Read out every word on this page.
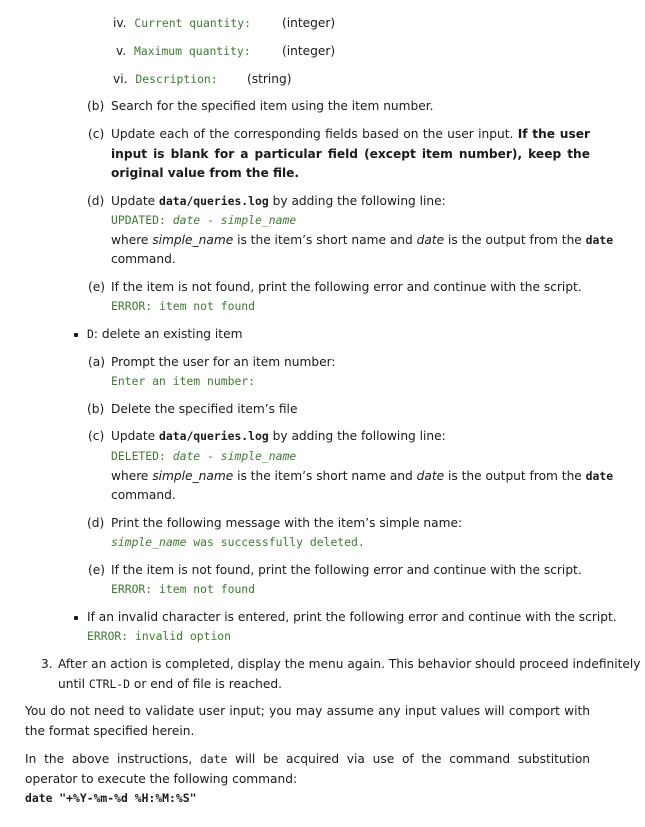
iv. Current quantity:	(integer)
v. Maximum quantity:	(integer)
vi. Description: (string)
(b) Search for the specified item using the item number.
(c) Update each of the corresponding fields based on the user input. If the user input is blank for a particular field (except item number), keep the original value from the file.
(d) Update data/queries.log by adding the following line:
UPDATED: date - simple_name
where simple_name is the item’s short name and date is the output from the date
command.
(e) If the item is not found, print the following error and continue with the script.
ERROR: item not found
D: delete an existing item
(a) Prompt the user for an item number:
Enter an item number:
(b) Delete the specified item’s file
(c) Update data/queries.log by adding the following line:
DELETED: date - simple_name
where simple_name is the item’s short name and date is the output from the date
command.
(d) Print the following message with the item’s simple name:
simple_name was successfully deleted.
(e) If the item is not found, print the following error and continue with the script.
ERROR: item not found
If an invalid character is entered, print the following error and continue with the script.
ERROR: invalid option
3. After an action is completed, display the menu again. This behavior should proceed indefinitely
until CTRL-D or end of file is reached.
You do not need to validate user input; you may assume any input values will comport with the format specified herein.
In the above instructions, date will be acquired via use of the command substitution operator to execute the following command:
date "+%Y-%m-%d %H:%M:%S"
